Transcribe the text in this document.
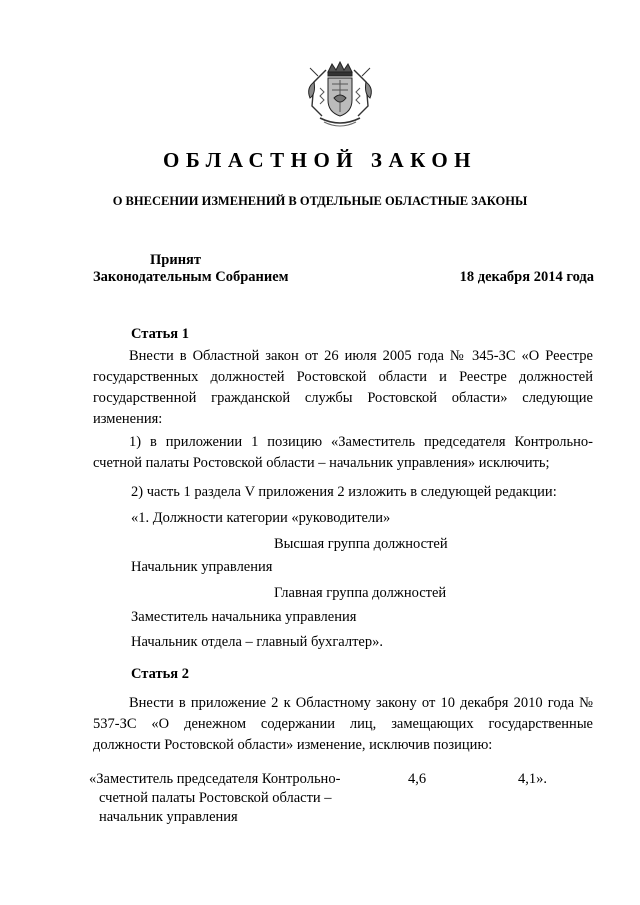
ОБЛАСТНОЙ ЗАКОН
О ВНЕСЕНИИ ИЗМЕНЕНИЙ В ОТДЕЛЬНЫЕ ОБЛАСТНЫЕ ЗАКОНЫ
Принят
Законодательным Собранием	18 декабря 2014 года
Статья 1
Внести в Областной закон от 26 июля 2005 года № 345-ЗС «О Реестре государственных должностей Ростовской области и Реестре должностей государственной гражданской службы Ростовской области» следующие изменения:
1) в приложении 1 позицию «Заместитель председателя Контрольно-счетной палаты Ростовской области – начальник управления» исключить;
2) часть 1 раздела V приложения 2 изложить в следующей редакции:
«1. Должности категории «руководители»
Высшая группа должностей
Начальник управления
Главная группа должностей
Заместитель начальника управления
Начальник отдела – главный бухгалтер».
Статья 2
Внести в приложение 2 к Областному закону от 10 декабря 2010 года № 537-ЗС «О денежном содержании лиц, замещающих государственные должности Ростовской области» изменение, исключив позицию:
«Заместитель председателя Контрольно-
счетной палаты Ростовской области –
начальник управления
4,6	4,1».
